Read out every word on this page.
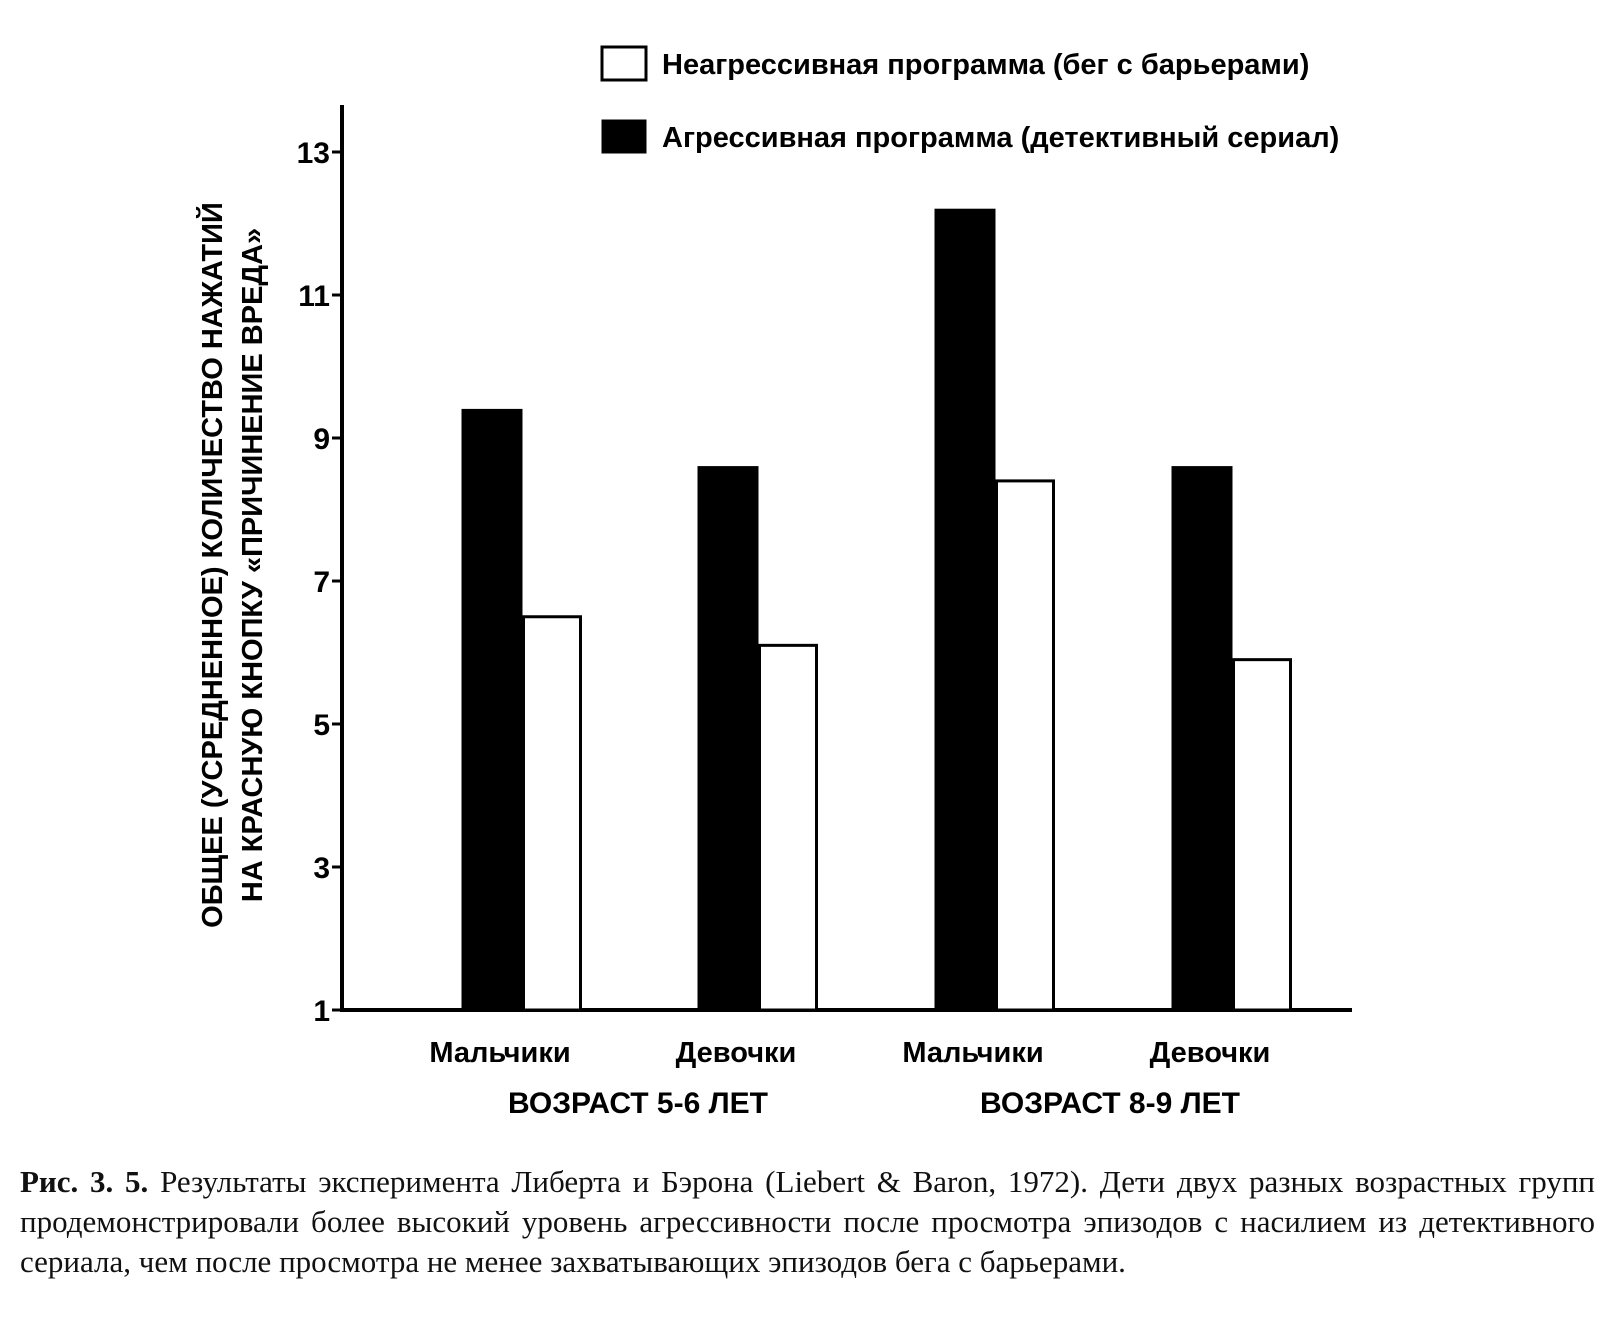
Неагрессивная программа (бег с барьерами)
Агрессивная программа (детективный сериал)
ОБЩЕЕ (УСРЕДНЕННОЕ) КОЛИЧЕСТВО НАЖАТИЙ НА КРАСНУЮ КНОПКУ «ПРИЧИНЕНИЕ ВРЕДА»
1
3
5
7
9
11
13
Мальчики	Девочки	Мальчики	Девочки
ВОЗРАСТ 5-6 ЛЕТ	ВОЗРАСТ 8-9 ЛЕТ
Рис. 3. 5. Результаты эксперимента Либерта и Бэрона (Liebert & Baron, 1972). Дети двух разных возрастных групп продемонстрировали более высокий уровень агрессивности после просмотра эпизодов с насилием из детективного сериала, чем после просмотра не менее захватывающих эпизодов бега с барьерами.
